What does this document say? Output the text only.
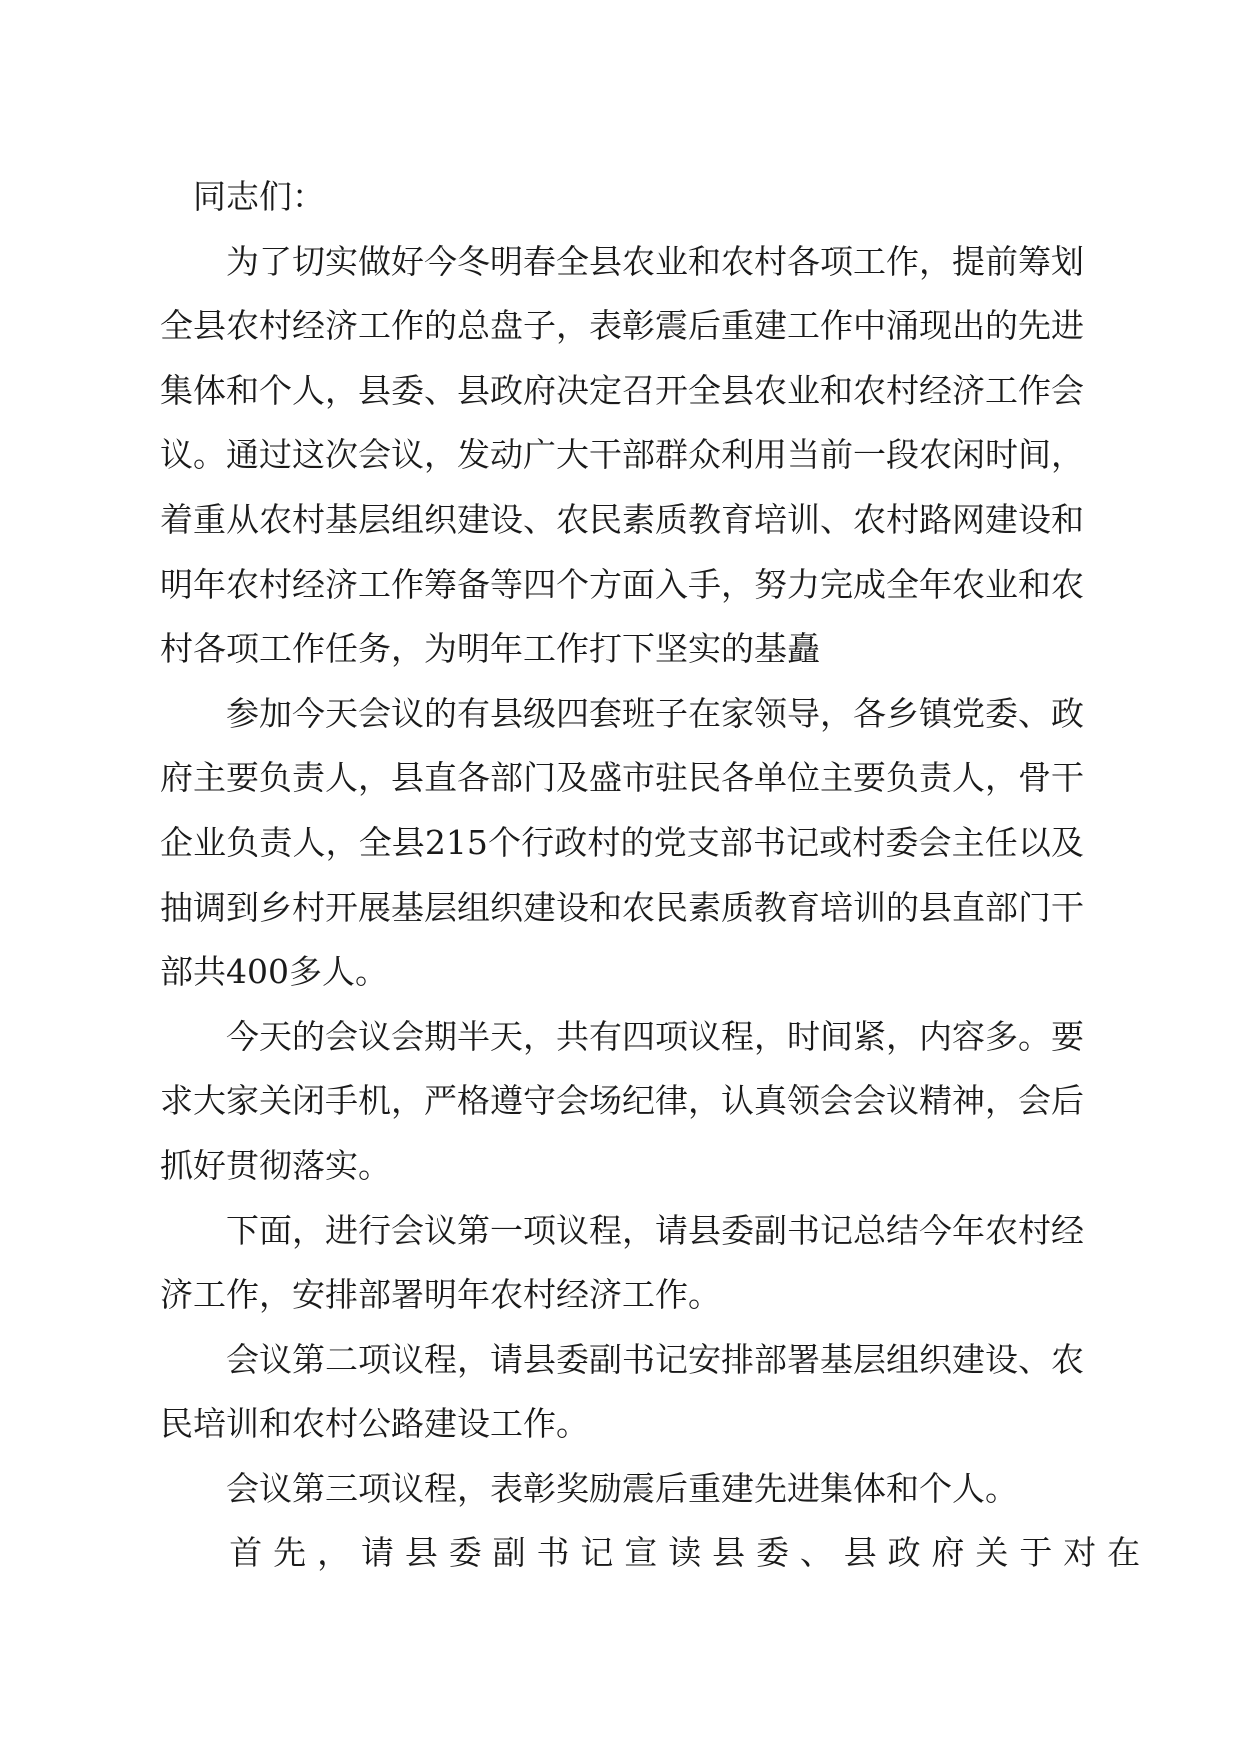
同志们：

为了切实做好今冬明春全县农业和农村各项工作，提前筹划全县农村经济工作的总盘子，表彰震后重建工作中涌现出的先进集体和个人，县委、县政府决定召开全县农业和农村经济工作会议。通过这次会议，发动广大干部群众利用当前一段农闲时间，着重从农村基层组织建设、农民素质教育培训、农村路网建设和明年农村经济工作筹备等四个方面入手，努力完成全年农业和农村各项工作任务，为明年工作打下坚实的基矗

参加今天会议的有县级四套班子在家领导，各乡镇党委、政府主要负责人，县直各部门及盛市驻民各单位主要负责人，骨干企业负责人，全县215个行政村的党支部书记或村委会主任以及抽调到乡村开展基层组织建设和农民素质教育培训的县直部门干部共400多人。

今天的会议会期半天，共有四项议程，时间紧，内容多。要求大家关闭手机，严格遵守会场纪律，认真领会会议精神，会后抓好贯彻落实。

下面，进行会议第一项议程，请县委副书记总结今年农村经济工作，安排部署明年农村经济工作。

会议第二项议程，请县委副书记安排部署基层组织建设、农民培训和农村公路建设工作。

会议第三项议程，表彰奖励震后重建先进集体和个人。

首先，请县委副书记宣读县委、县政府关于对在
